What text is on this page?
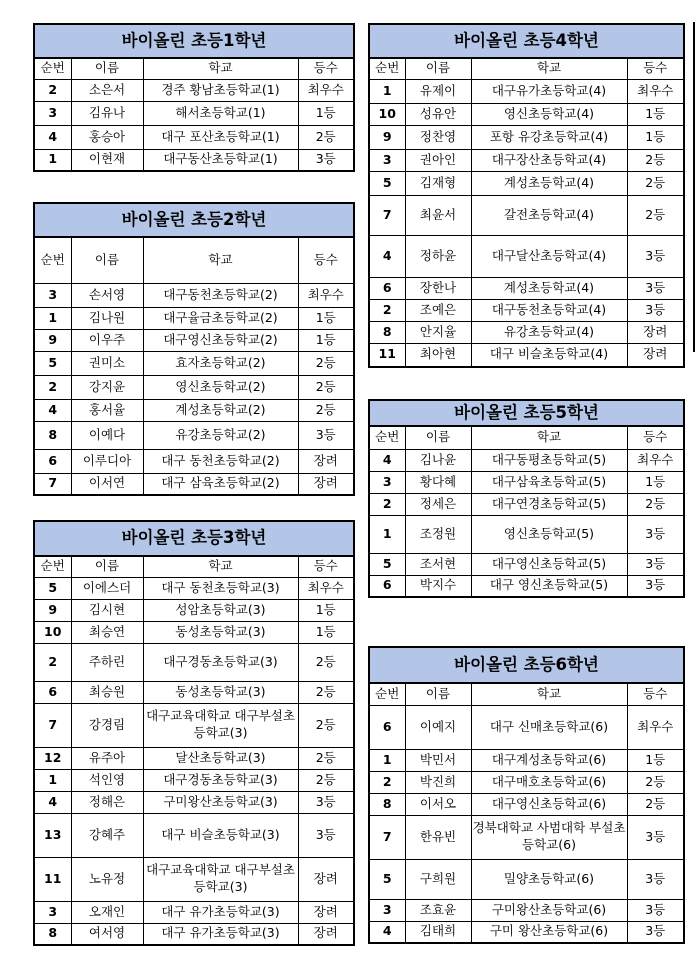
바이올린 초등1학년			
순번	이름	학교	등수
2	소은서	경주 황남초등학교(1)	최우수
3	김유나	해서초등학교(1)	1등
4	홍승아	대구 포산초등학교(1)	2등
1	이현재	대구동산초등학교(1)	3등
바이올린 초등2학년			
순번	이름	학교	등수
3	손서영	대구동천초등학교(2)	최우수
1	김나원	대구율금초등학교(2)	1등
9	이우주	대구영신초등학교(2)	1등
5	권미소	효자초등학교(2)	2등
2	강지윤	영신초등학교(2)	2등
4	홍서율	계성초등학교(2)	2등
8	이예다	유강초등학교(2)	3등
6	이루디아	대구 동천초등학교(2)	장려
7	이서연	대구 삼육초등학교(2)	장려
바이올린 초등3학년			
순번	이름	학교	등수
5	이에스더	대구 동천초등학교(3)	최우수
9	김시현	성암초등학교(3)	1등
10	최승연	동성초등학교(3)	1등
2	주하린	대구경동초등학교(3)	2등
6	최승원	동성초등학교(3)	2등
7	강경림	대구교육대학교 대구부설초등학교(3)	2등
12	유주아	달산초등학교(3)	2등
1	석인영	대구경동초등학교(3)	2등
4	정해은	구미왕산초등학교(3)	3등
13	강혜주	대구 비슬초등학교(3)	3등
11	노유정	대구교육대학교 대구부설초등학교(3)	장려
3	오재인	대구 유가초등학교(3)	장려
8	여서영	대구 유가초등학교(3)	장려
바이올린 초등4학년			
순번	이름	학교	등수
1	유제이	대구유가초등학교(4)	최우수
10	성유안	영신초등학교(4)	1등
9	정찬영	포항 유강초등학교(4)	1등
3	권아인	대구장산초등학교(4)	2등
5	김재형	계성초등학교(4)	2등
7	최윤서	갈전초등학교(4)	2등
4	정하윤	대구달산초등학교(4)	3등
6	장한나	계성초등학교(4)	3등
2	조예은	대구동천초등학교(4)	3등
8	안지율	유강초등학교(4)	장려
11	최아현	대구 비슬초등학교(4)	장려
바이올린 초등5학년			
순번	이름	학교	등수
4	김나윤	대구동평초등학교(5)	최우수
3	황다혜	대구삼육초등학교(5)	1등
2	정세은	대구연경초등학교(5)	2등
1	조정원	영신초등학교(5)	3등
5	조서현	대구영신초등학교(5)	3등
6	박지수	대구 영신초등학교(5)	3등
바이올린 초등6학년			
순번	이름	학교	등수
6	이예지	대구 신매초등학교(6)	최우수
1	박민서	대구계성초등학교(6)	1등
2	박진희	대구매호초등학교(6)	2등
8	이서오	대구영신초등학교(6)	2등
7	한유빈	경북대학교 사범대학 부설초등학교(6)	3등
5	구희원	밀양초등학교(6)	3등
3	조효윤	구미왕산초등학교(6)	3등
4	김태희	구미 왕산초등학교(6)	3등
